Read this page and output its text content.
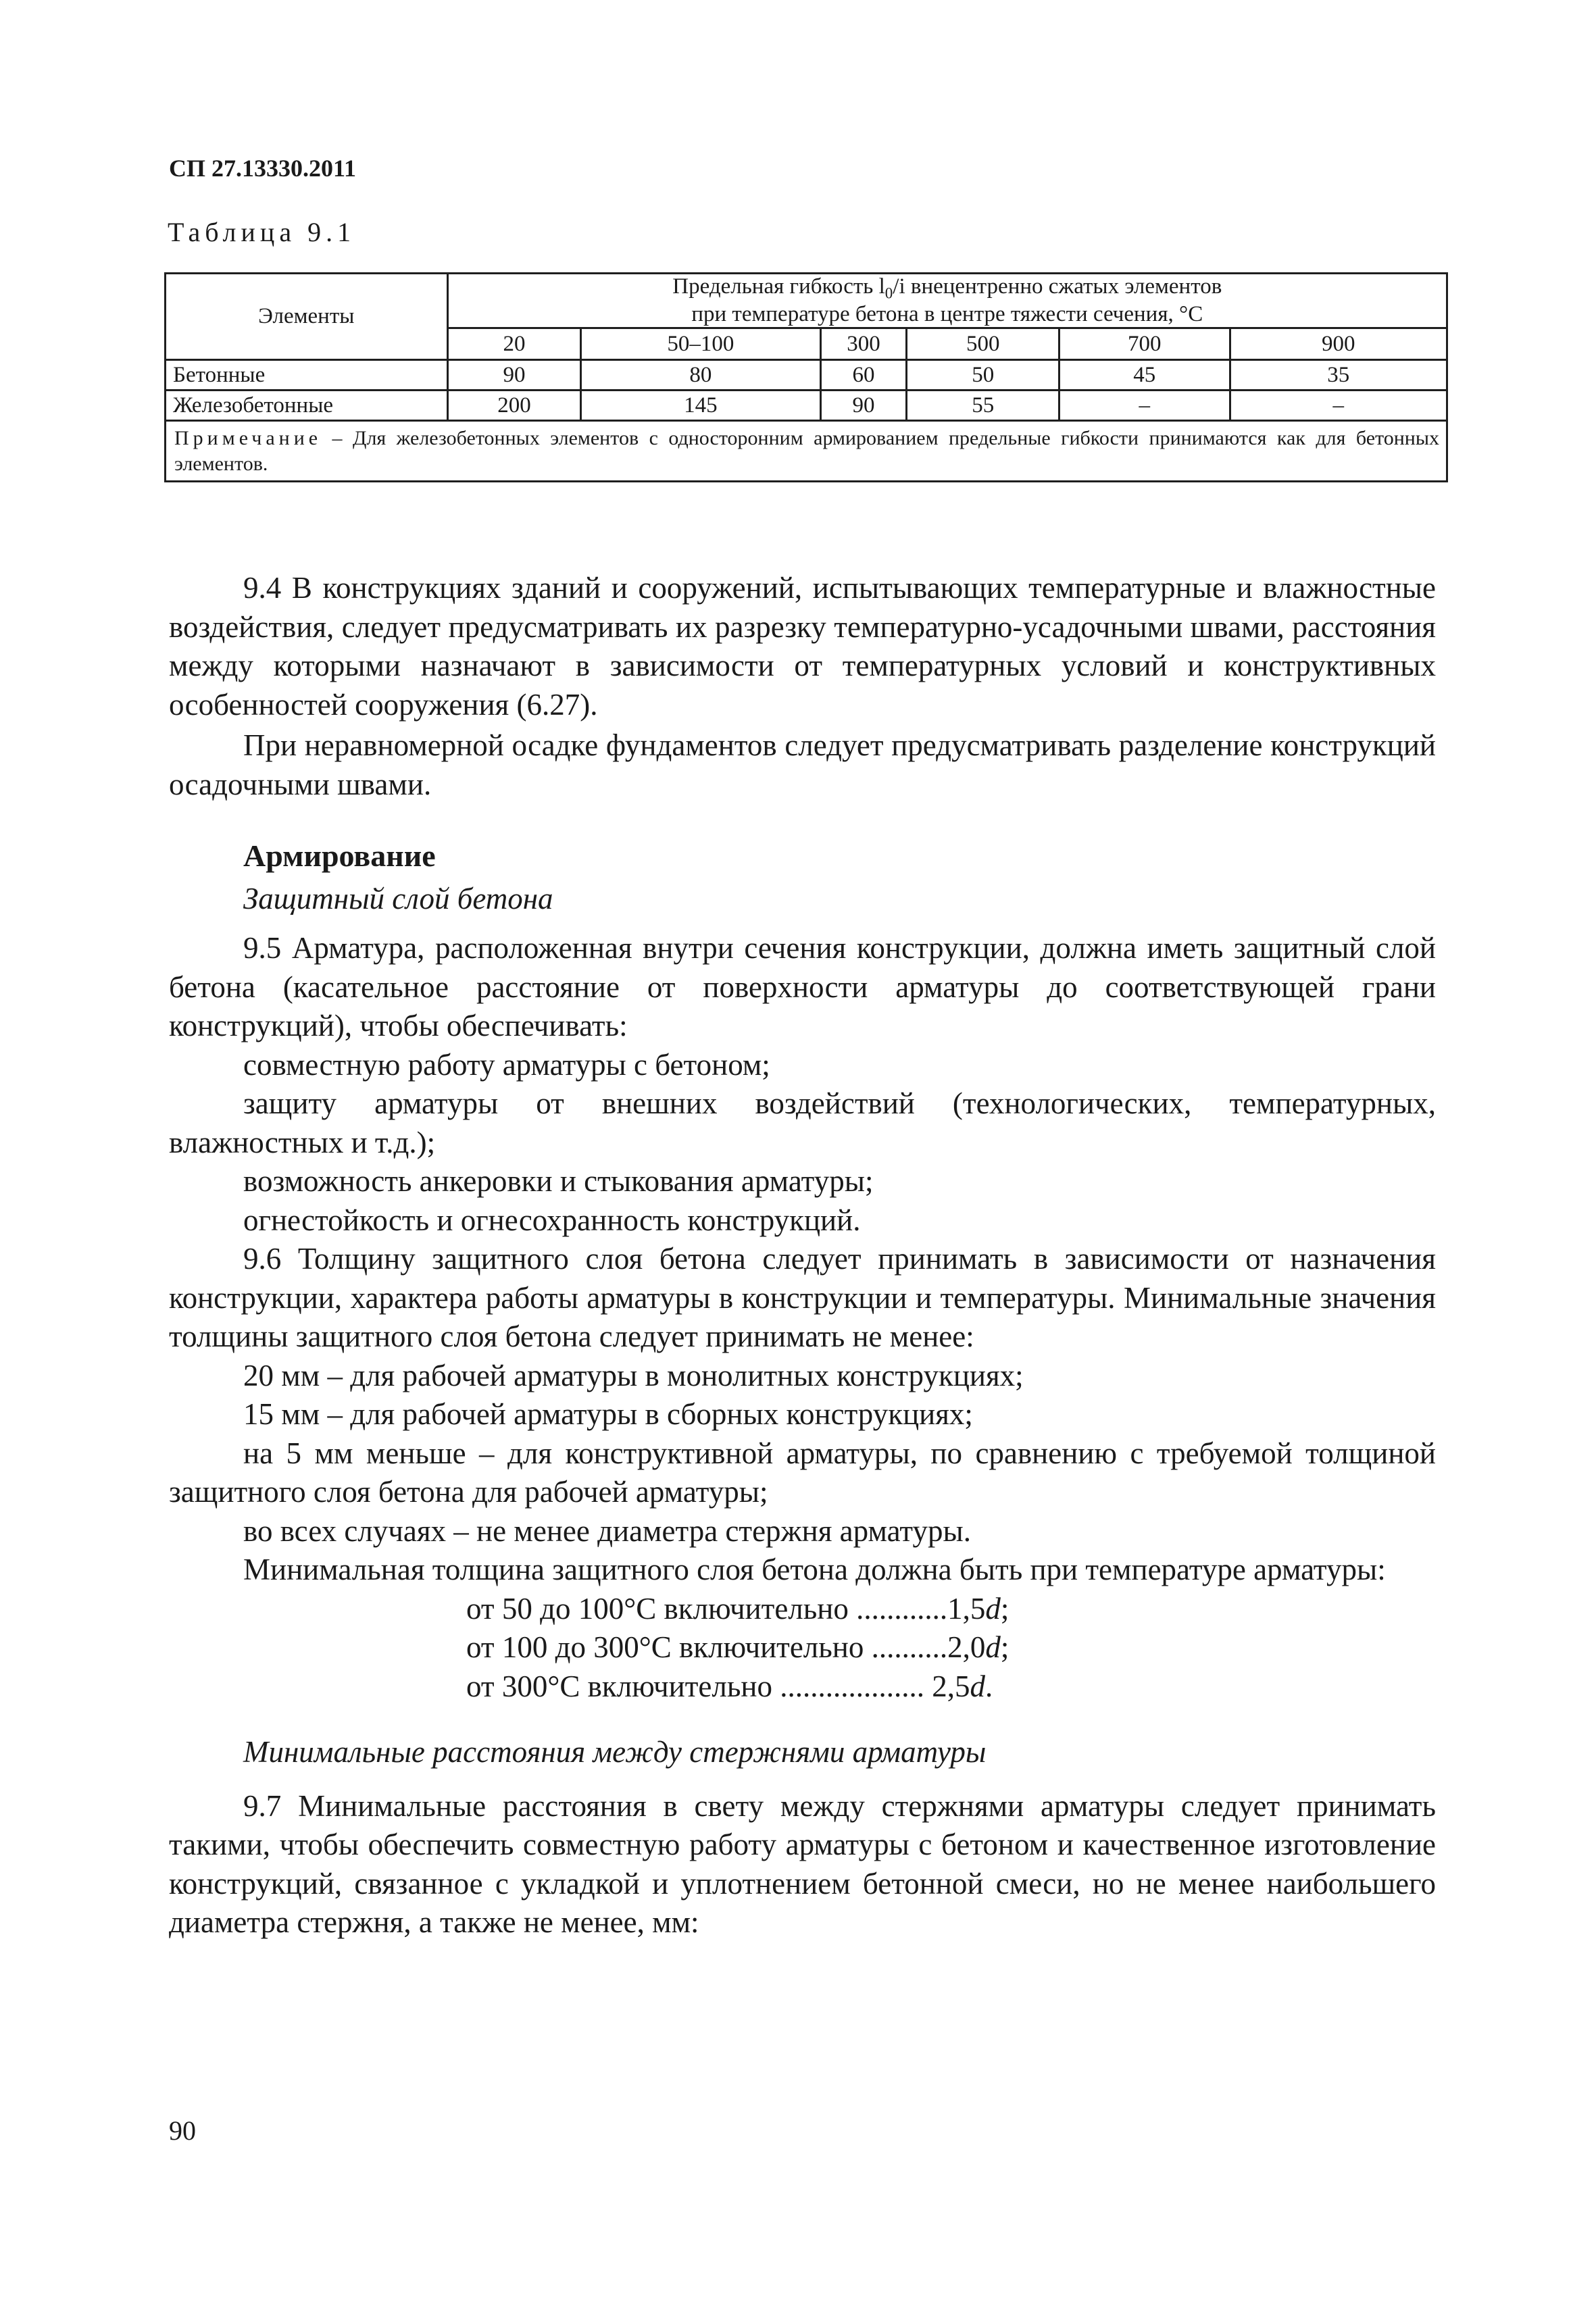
СП 27.13330.2011
Таблица 9.1
Элементы	Предельная гибкость $l_0/i$ внецентренно сжатых элементов
при температуре бетона в центре тяжести сечения, °С					
	20	50–100	300	500	700	900
Бетонные	90	80	60	50	45	35
Железобетонные	200	145	90	55	–	–
Примечание – Для железобетонных элементов с односторонним армированием предельные гибкости принимаются как для бетонных элементов.						

9.4 В конструкциях зданий и сооружений, испытывающих температурные и влажностные воздействия, следует предусматривать их разрезку температурно-усадочными швами, расстояния между которыми назначают в зависимости от температурных условий и конструктивных особенностей сооружения (6.27).

При неравномерной осадке фундаментов следует предусматривать разделение конструкций осадочными швами.

Армирование

Защитный слой бетона

9.5 Арматура, расположенная внутри сечения конструкции, должна иметь защитный слой бетона (касательное расстояние от поверхности арматуры до соответствующей грани конструкций), чтобы обеспечивать:

совместную работу арматуры с бетоном;

защиту арматуры от внешних воздействий (технологических, температурных, влажностных и т.д.);

возможность анкеровки и стыкования арматуры;

огнестойкость и огнесохранность конструкций.

9.6 Толщину защитного слоя бетона следует принимать в зависимости от назначения конструкции, характера работы арматуры в конструкции и температуры. Минимальные значения толщины защитного слоя бетона следует принимать не менее:

20 мм – для рабочей арматуры в монолитных конструкциях;

15 мм – для рабочей арматуры в сборных конструкциях;

на 5 мм меньше – для конструктивной арматуры, по сравнению с требуемой толщиной защитного слоя бетона для рабочей арматуры;

во всех случаях – не менее диаметра стержня арматуры.

Минимальная толщина защитного слоя бетона должна быть при температуре арматуры:

от 50 до 100°С включительно ............1,5d;
от 100 до 300°С включительно ..........2,0d;
от 300°С включительно ................... 2,5d.

Минимальные расстояния между стержнями арматуры

9.7 Минимальные расстояния в свету между стержнями арматуры следует принимать такими, чтобы обеспечить совместную работу арматуры с бетоном и качественное изготовление конструкций, связанное с укладкой и уплотнением бетонной смеси, но не менее наибольшего диаметра стержня, а также не менее, мм:

90
